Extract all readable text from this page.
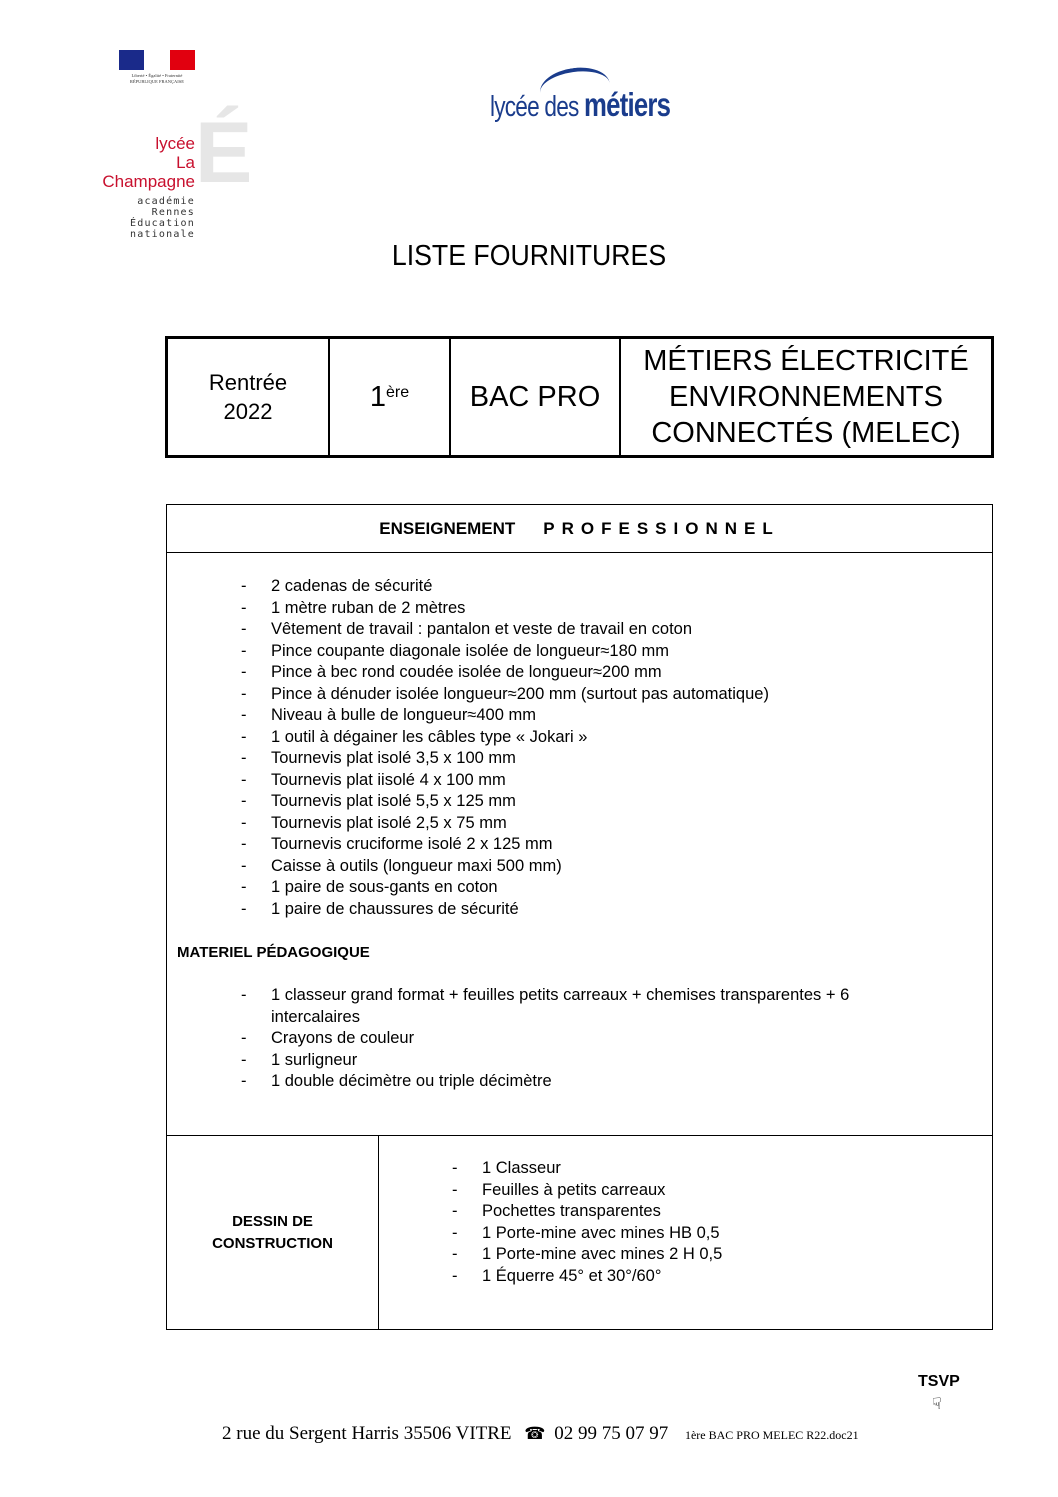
Liberté • Égalité • Fraternité
RÉPUBLIQUE FRANÇAISE
É
lycée
La Champagne
académie
Rennes
Éducation
nationale
lycée des métiers
LISTE FOURNITURES
Rentrée
2022	1ère	BAC PRO
MÉTIERS ÉLECTRICITÉ
ENVIRONNEMENTS
CONNECTÉS (MELEC)
ENSEIGNEMENT PROFESSIONNEL
- 2 cadenas de sécurité
- 1 mètre ruban de 2 mètres
- Vêtement de travail : pantalon et veste de travail en coton
- Pince coupante diagonale isolée de longueur≈180 mm
- Pince à bec rond coudée isolée de longueur≈200 mm
- Pince à dénuder isolée longueur≈200 mm (surtout pas automatique)
- Niveau à bulle de longueur≈400 mm
- 1 outil à dégainer les câbles type « Jokari »
- Tournevis plat isolé 3,5 x 100 mm
- Tournevis plat iisolé 4 x 100 mm
- Tournevis plat isolé 5,5 x 125 mm
- Tournevis plat isolé 2,5 x 75 mm
- Tournevis cruciforme isolé 2 x 125 mm
- Caisse à outils (longueur maxi 500 mm)
- 1 paire de sous-gants en coton
- 1 paire de chaussures de sécurité
MATERIEL PÉDAGOGIQUE
- 1 classeur grand format + feuilles petits carreaux + chemises transparentes + 6 intercalaires
- Crayons de couleur
- 1 surligneur
- 1 double décimètre ou triple décimètre
DESSIN DE
CONSTRUCTION
- 1 Classeur
- Feuilles à petits carreaux
- Pochettes transparentes
- 1 Porte-mine avec mines HB 0,5
- 1 Porte-mine avec mines 2 H 0,5
- 1 Équerre 45° et 30°/60°
TSVP
☟
2 rue du Sergent Harris 35506 VITRE ☎ 02 99 75 07 97 1ère BAC PRO MELEC R22.doc21
